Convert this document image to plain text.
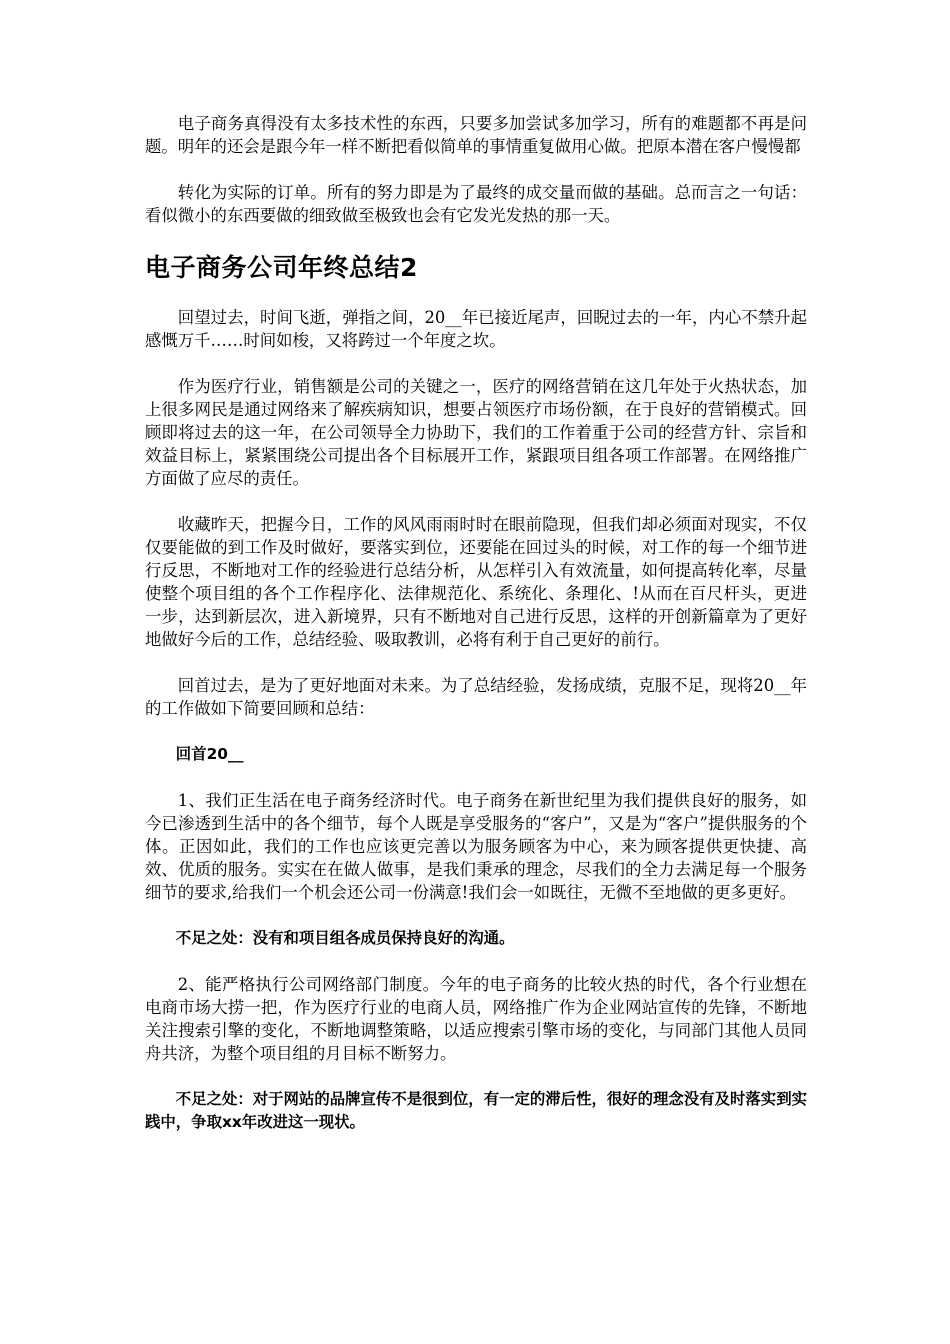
电子商务真得没有太多技术性的东西，只要多加尝试多加学习，所有的难题都不再是问题。明年的还会是跟今年一样不断把看似简单的事情重复做用心做。把原本潜在客户慢慢都

转化为实际的订单。所有的努力即是为了最终的成交量而做的基础。总而言之一句话：看似微小的东西要做的细致做至极致也会有它发光发热的那一天。

电子商务公司年终总结2

回望过去，时间飞逝，弹指之间，20__年已接近尾声，回睨过去的一年，内心不禁升起感慨万千……时间如梭，又将跨过一个年度之坎。

作为医疗行业，销售额是公司的关键之一，医疗的网络营销在这几年处于火热状态，加上很多网民是通过网络来了解疾病知识，想要占领医疗市场份额，在于良好的营销模式。回顾即将过去的这一年，在公司领导全力协助下，我们的工作着重于公司的经营方针、宗旨和效益目标上，紧紧围绕公司提出各个目标展开工作，紧跟项目组各项工作部署。在网络推广方面做了应尽的责任。

收藏昨天，把握今日，工作的风风雨雨时时在眼前隐现，但我们却必须面对现实，不仅仅要能做的到工作及时做好，要落实到位，还要能在回过头的时候，对工作的每一个细节进行反思，不断地对工作的经验进行总结分析，从怎样引入有效流量，如何提高转化率，尽量使整个项目组的各个工作程序化、法律规范化、系统化、条理化、!从而在百尺杆头，更进一步，达到新层次，进入新境界，只有不断地对自己进行反思，这样的开创新篇章为了更好地做好今后的工作，总结经验、吸取教训，必将有利于自己更好的前行。

回首过去，是为了更好地面对未来。为了总结经验，发扬成绩，克服不足，现将20__年的工作做如下简要回顾和总结：

回首20__

1、我们正生活在电子商务经济时代。电子商务在新世纪里为我们提供良好的服务，如今已渗透到生活中的各个细节，每个人既是享受服务的“客户”，又是为“客户”提供服务的个体。正因如此，我们的工作也应该更完善以为服务顾客为中心，来为顾客提供更快捷、高效、优质的服务。实实在在做人做事，是我们秉承的理念，尽我们的全力去满足每一个服务细节的要求,给我们一个机会还公司一份满意!我们会一如既往，无微不至地做的更多更好。

不足之处：没有和项目组各成员保持良好的沟通。

2、能严格执行公司网络部门制度。今年的电子商务的比较火热的时代，各个行业想在电商市场大捞一把，作为医疗行业的电商人员，网络推广作为企业网站宣传的先锋，不断地关注搜索引擎的变化，不断地调整策略，以适应搜索引擎市场的变化，与同部门其他人员同舟共济，为整个项目组的月目标不断努力。

不足之处：对于网站的品牌宣传不是很到位，有一定的滞后性，很好的理念没有及时落实到实践中，争取xx年改进这一现状。
